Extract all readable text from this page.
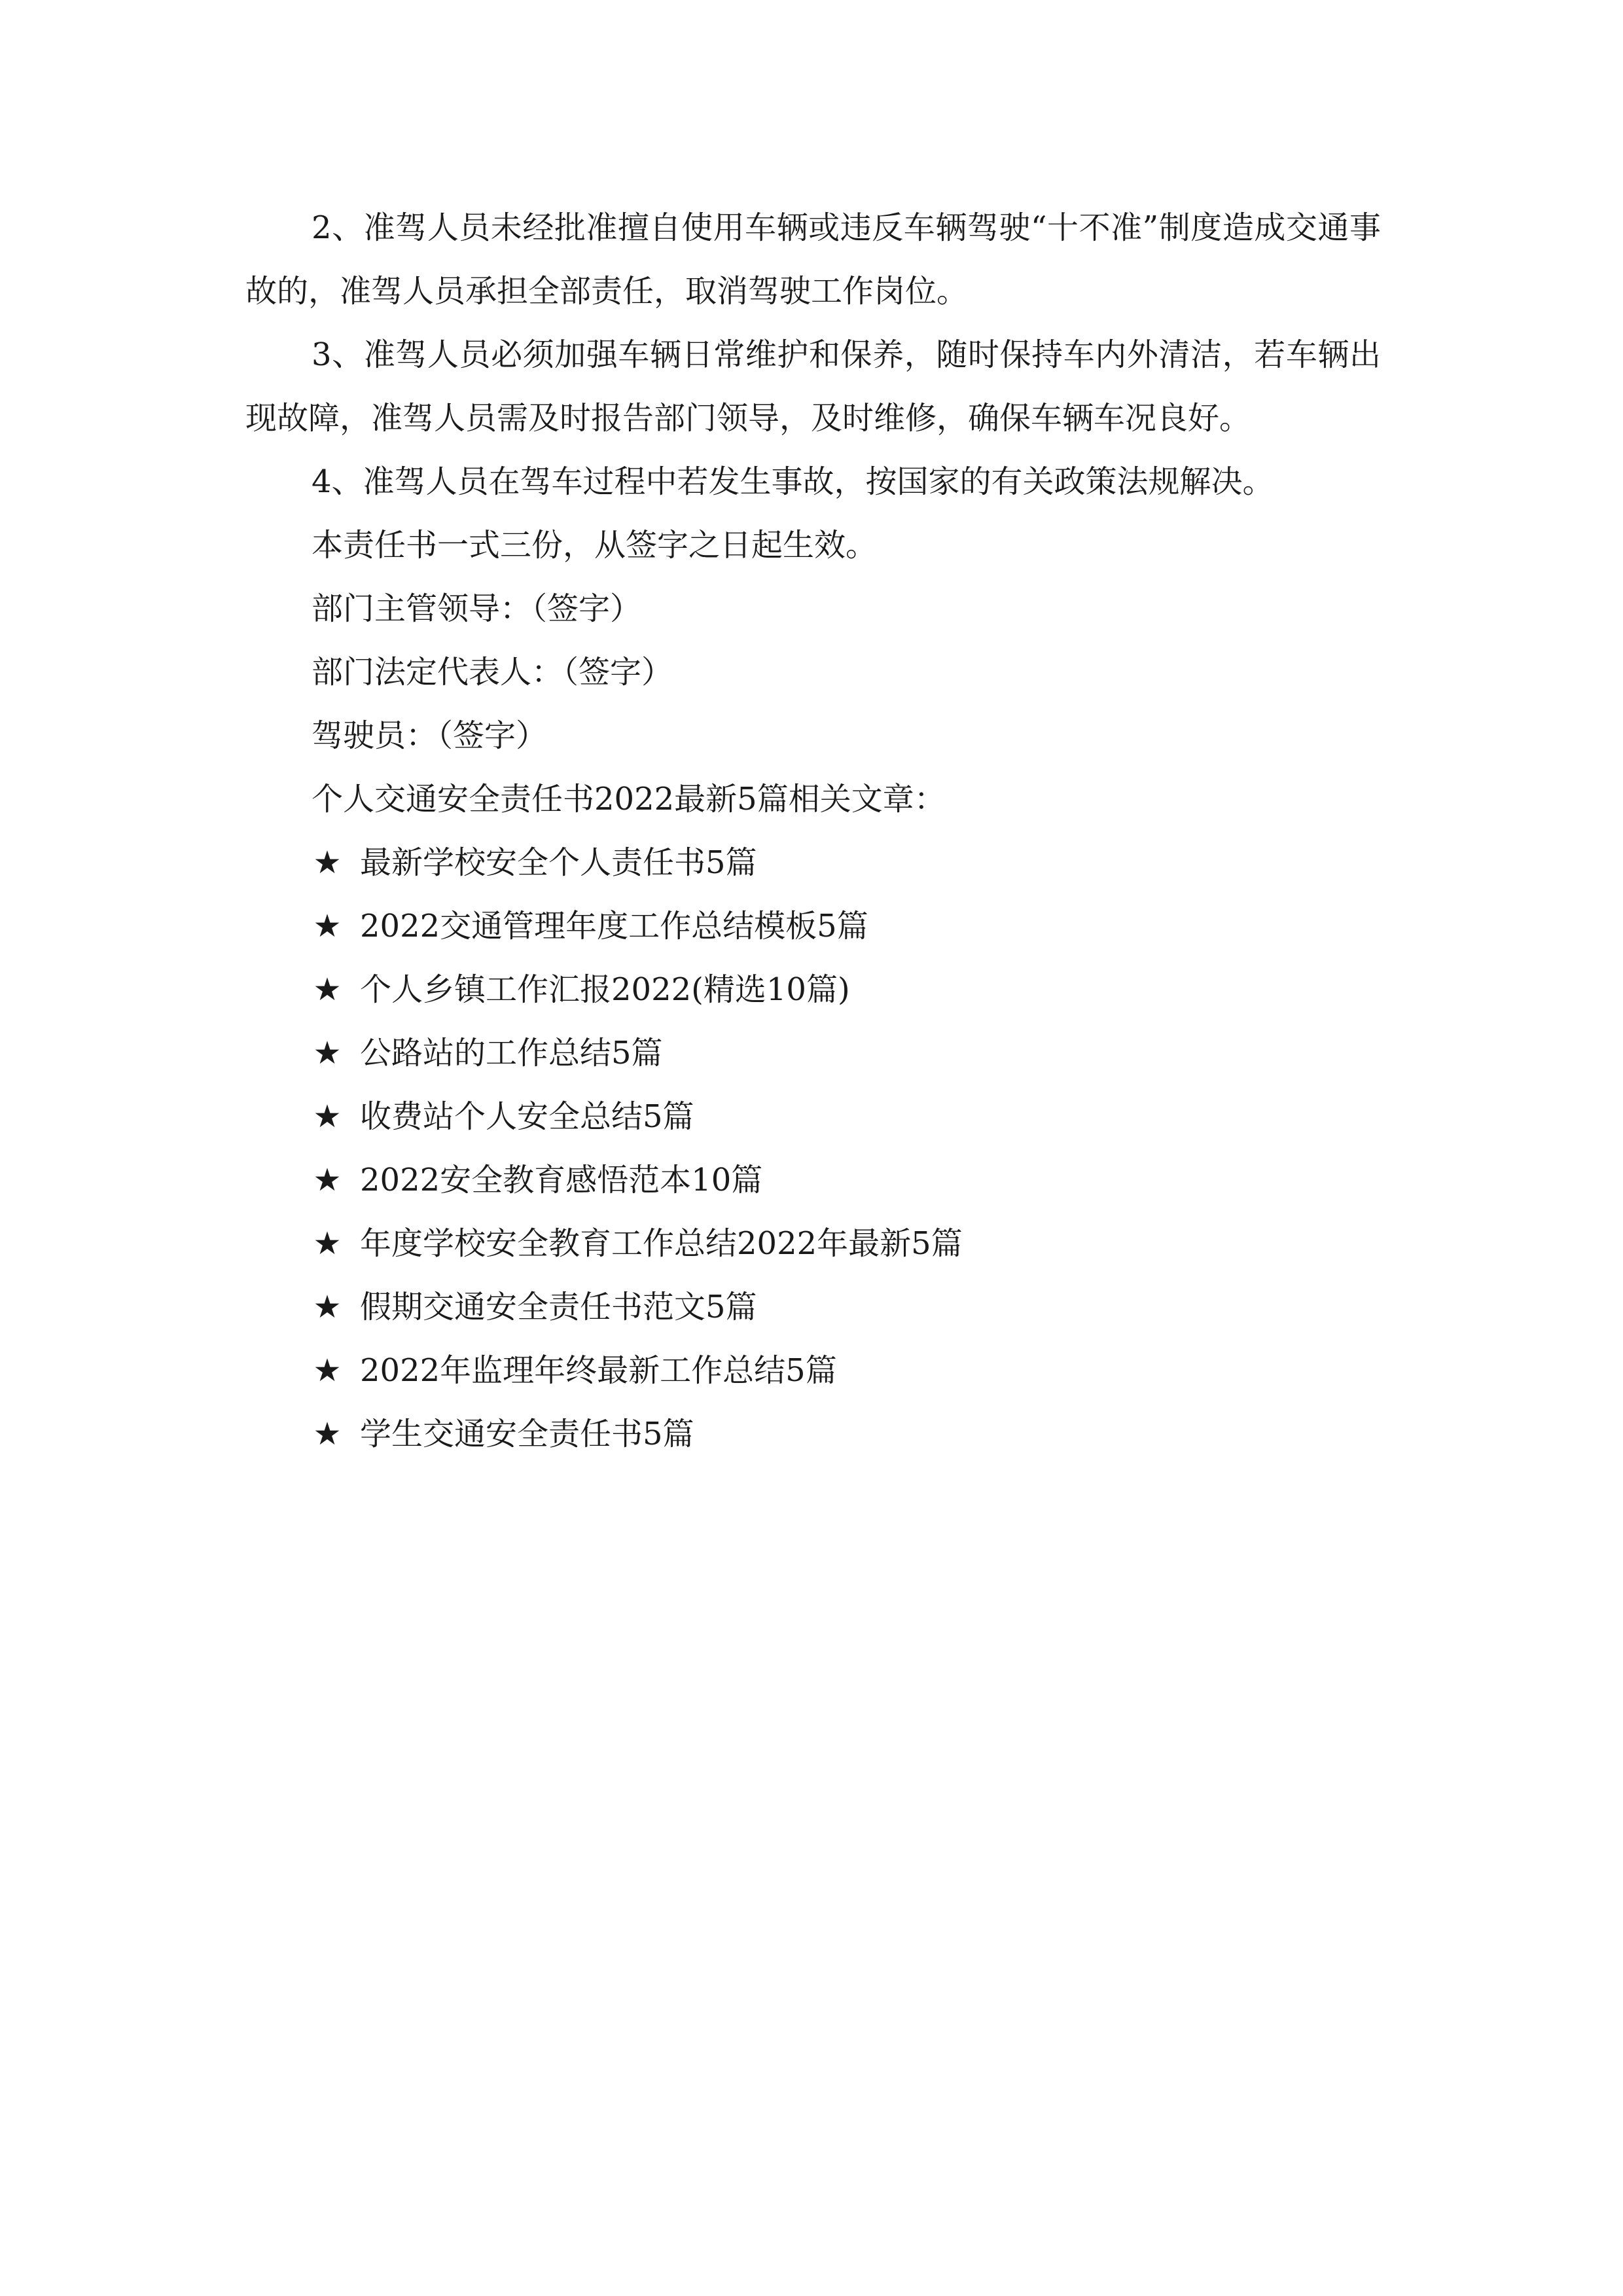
2、准驾人员未经批准擅自使用车辆或违反车辆驾驶“十不准”制度造成交通事故的，准驾人员承担全部责任，取消驾驶工作岗位。

3、准驾人员必须加强车辆日常维护和保养，随时保持车内外清洁，若车辆出现故障，准驾人员需及时报告部门领导，及时维修，确保车辆车况良好。

4、准驾人员在驾车过程中若发生事故，按国家的有关政策法规解决。

本责任书一式三份，从签字之日起生效。

部门主管领导：（签字）

部门法定代表人：（签字）

驾驶员：（签字）

个人交通安全责任书2022最新5篇相关文章：

★ 最新学校安全个人责任书5篇
★ 2022交通管理年度工作总结模板5篇
★ 个人乡镇工作汇报2022(精选10篇)
★ 公路站的工作总结5篇
★ 收费站个人安全总结5篇
★ 2022安全教育感悟范本10篇
★ 年度学校安全教育工作总结2022年最新5篇
★ 假期交通安全责任书范文5篇
★ 2022年监理年终最新工作总结5篇
★ 学生交通安全责任书5篇
